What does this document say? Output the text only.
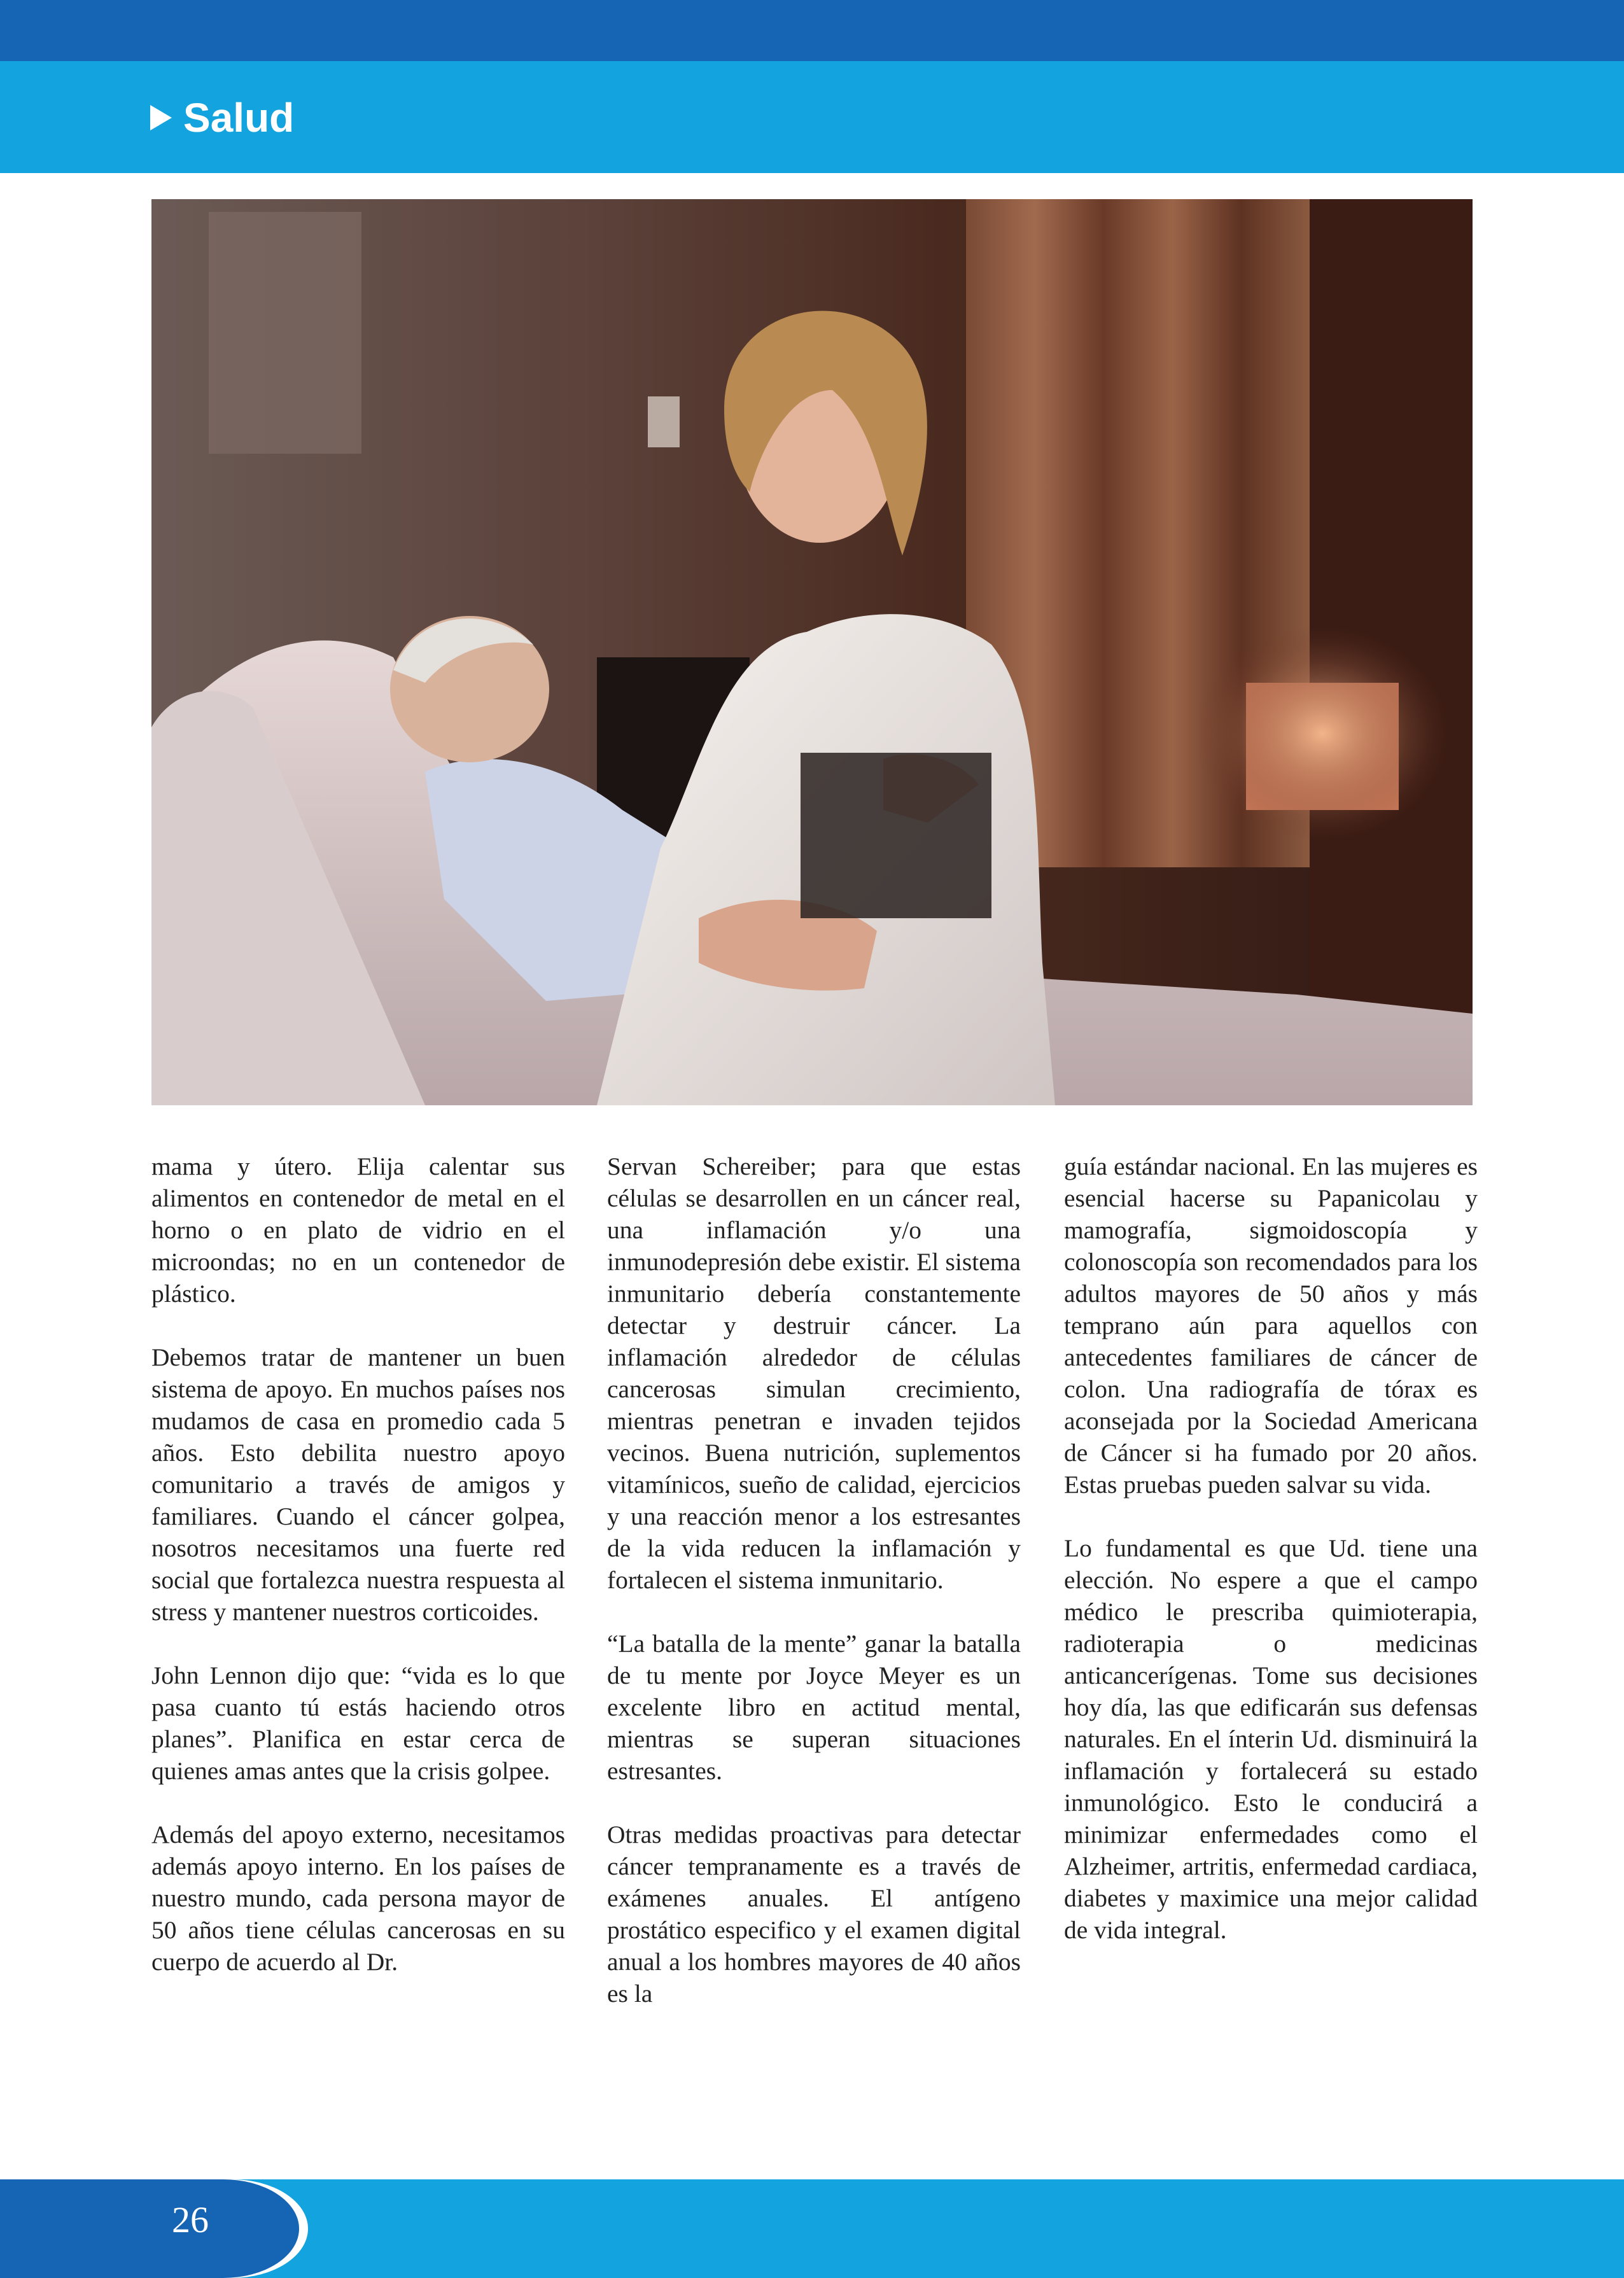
Salud

mama y útero. Elija calentar sus alimentos en contenedor de metal en el horno o en plato de vidrio en el microondas; no en un contenedor de plástico.

Debemos tratar de mantener un buen sistema de apoyo. En muchos países nos mudamos de casa en promedio cada 5 años. Esto debilita nuestro apoyo comunitario a través de amigos y familiares. Cuando el cáncer golpea, nosotros necesitamos una fuerte red social que fortalezca nuestra respuesta al stress y mantener nuestros corticoides.

John Lennon dijo que: “vida es lo que pasa cuanto tú estás haciendo otros planes”. Planifica en estar cerca de quienes amas antes que la crisis golpee.

Además del apoyo externo, necesitamos además apoyo interno. En los países de nuestro mundo, cada persona mayor de 50 años tiene células cancerosas en su cuerpo de acuerdo al Dr.

Servan Schereiber; para que estas células se desarrollen en un cáncer real, una inflamación y/o una inmunodepresión debe existir. El sistema inmunitario debería constantemente detectar y destruir cáncer. La inflamación alrededor de células cancerosas simulan crecimiento, mientras penetran e invaden tejidos vecinos. Buena nutrición, suplementos vitamínicos, sueño de calidad, ejercicios y una reacción menor a los estresantes de la vida reducen la inflamación y fortalecen el sistema inmunitario.

“La batalla de la mente” ganar la batalla de tu mente por Joyce Meyer es un excelente libro en actitud mental, mientras se superan situaciones estresantes.

Otras medidas proactivas para detectar cáncer tempranamente es a través de exámenes anuales. El antígeno prostático especifico y el examen digital anual a los hombres mayores de 40 años es la

guía estándar nacional. En las mujeres es esencial hacerse su Papanicolau y mamografía, sigmoidoscopía y colonoscopía son recomendados para los adultos mayores de 50 años y más temprano aún para aquellos con antecedentes familiares de cáncer de colon. Una radiografía de tórax es aconsejada por la Sociedad Americana de Cáncer si ha fumado por 20 años. Estas pruebas pueden salvar su vida.

Lo fundamental es que Ud. tiene una elección. No espere a que el campo médico le prescriba quimioterapia, radioterapia o medicinas anticancerígenas. Tome sus decisiones hoy día, las que edificarán sus defensas naturales. En el ínterin Ud. disminuirá la inflamación y fortalecerá su estado inmunológico. Esto le conducirá a minimizar enfermedades como el Alzheimer, artritis, enfermedad cardiaca, diabetes y maximice una mejor calidad de vida integral.

26
